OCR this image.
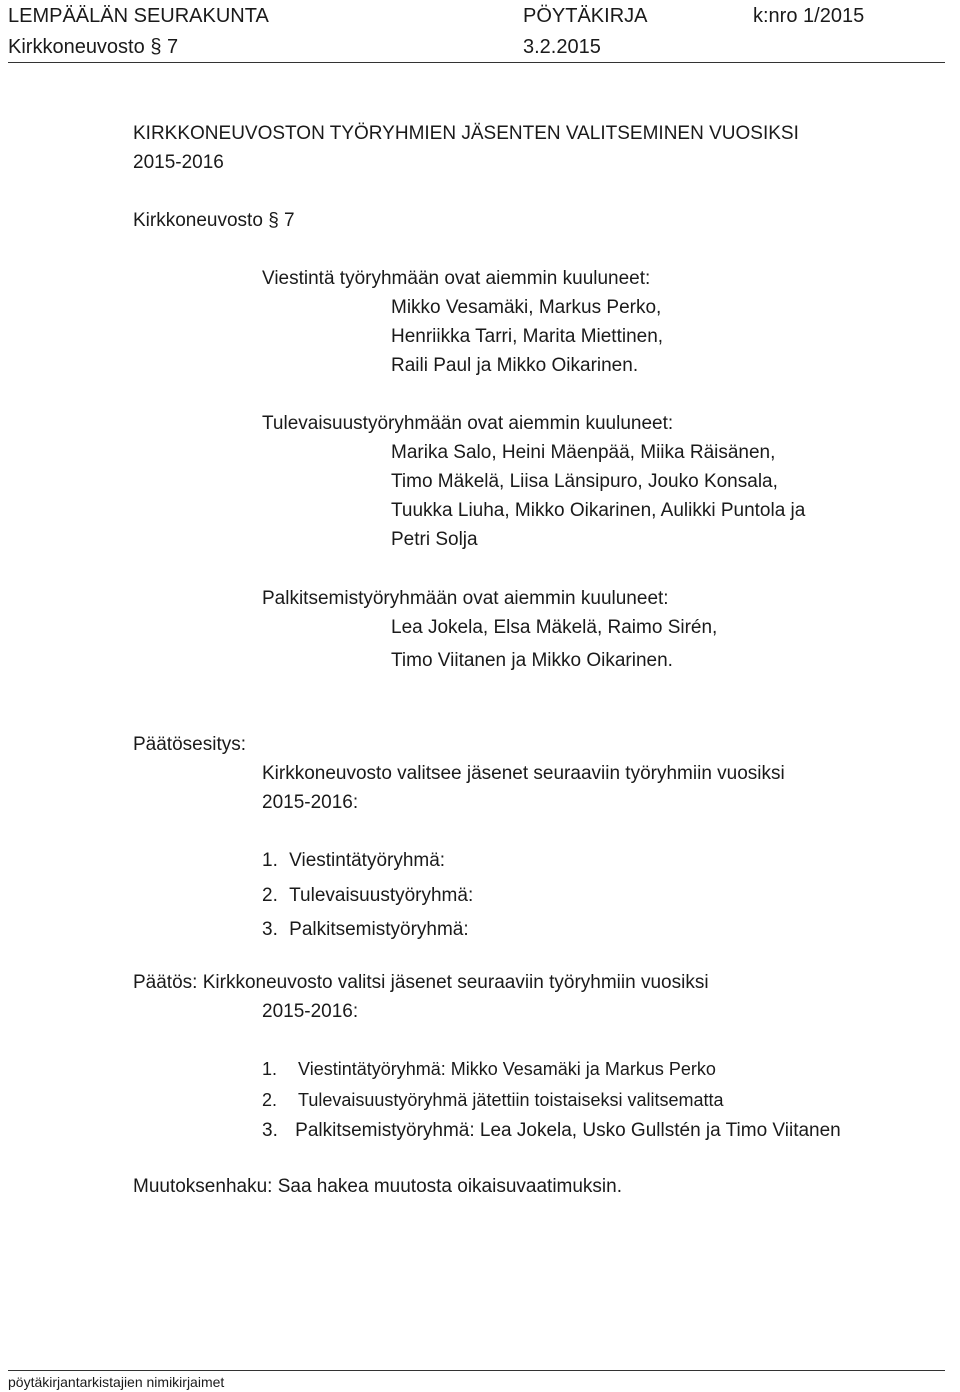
LEMPÄÄLÄN SEURAKUNTA	PÖYTÄKIRJA	k:nro 1/2015
Kirkkoneuvosto § 7	3.2.2015
KIRKKONEUVOSTON TYÖRYHMIEN JÄSENTEN VALITSEMINEN VUOSIKSI
2015-2016
Kirkkoneuvosto § 7
Viestintä työryhmään ovat aiemmin kuuluneet:
Mikko Vesamäki, Markus Perko,
Henriikka Tarri, Marita Miettinen,
Raili Paul ja Mikko Oikarinen.
Tulevaisuustyöryhmään ovat aiemmin kuuluneet:
Marika Salo, Heini Mäenpää, Miika Räisänen,
Timo Mäkelä, Liisa Länsipuro, Jouko Konsala,
Tuukka Liuha, Mikko Oikarinen, Aulikki Puntola ja
Petri Solja
Palkitsemistyöryhmään ovat aiemmin kuuluneet:
Lea Jokela, Elsa Mäkelä, Raimo Sirén,
Timo Viitanen ja Mikko Oikarinen.
Päätösesitys:
Kirkkoneuvosto valitsee jäsenet seuraaviin työryhmiin vuosiksi
2015-2016:
1. Viestintätyöryhmä:
2. Tulevaisuustyöryhmä:
3. Palkitsemistyöryhmä:
Päätös: Kirkkoneuvosto valitsi jäsenet seuraaviin työryhmiin vuosiksi
2015-2016:
1. Viestintätyöryhmä: Mikko Vesamäki ja Markus Perko
2. Tulevaisuustyöryhmä jätettiin toistaiseksi valitsematta
3. Palkitsemistyöryhmä: Lea Jokela, Usko Gullstén ja Timo Viitanen
Muutoksenhaku: Saa hakea muutosta oikaisuvaatimuksin.
pöytäkirjantarkistajien nimikirjaimet
